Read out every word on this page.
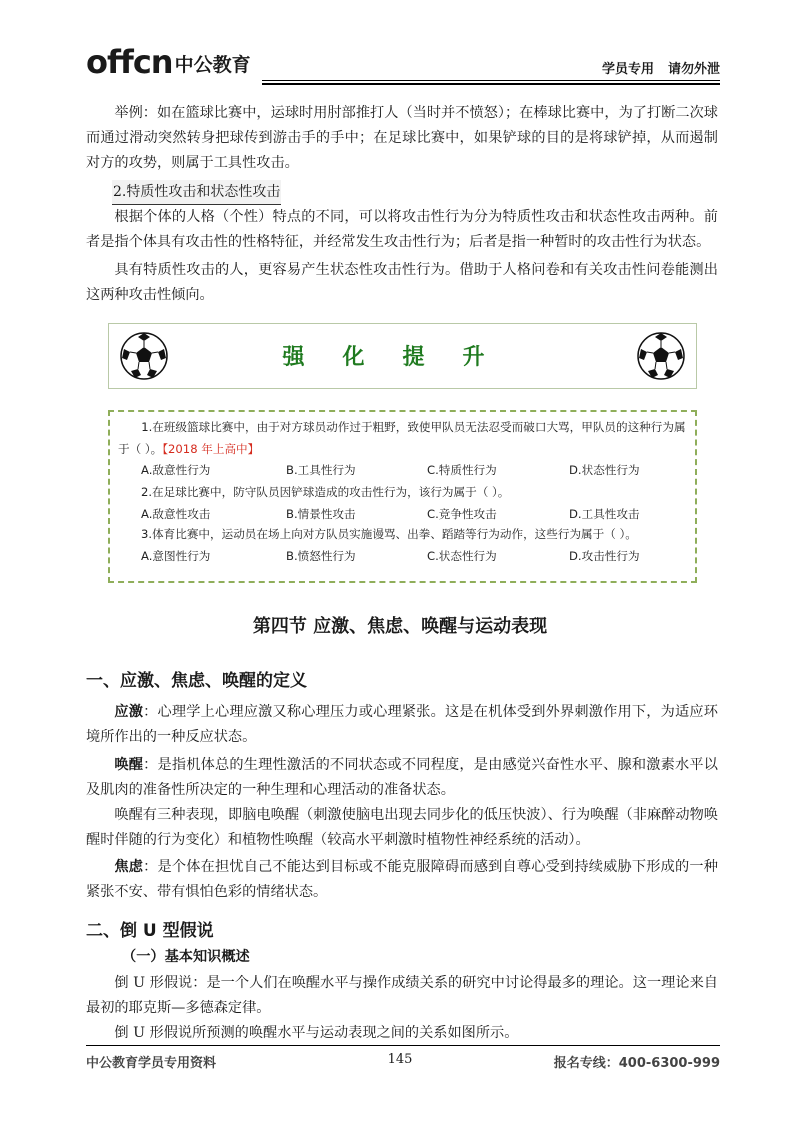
offcn 中公教育	学员专用 请勿外泄

举例：如在篮球比赛中，运球时用肘部推打人（当时并不愤怒）；在棒球比赛中，为了打断二次球而通过滑动突然转身把球传到游击手的手中；在足球比赛中，如果铲球的目的是将球铲掉，从而遏制对方的攻势，则属于工具性攻击。

2.特质性攻击和状态性攻击

根据个体的人格（个性）特点的不同，可以将攻击性行为分为特质性攻击和状态性攻击两种。前者是指个体具有攻击性的性格特征，并经常发生攻击性行为；后者是指一种暂时的攻击性行为状态。

具有特质性攻击的人，更容易产生状态性攻击性行为。借助于人格问卷和有关攻击性问卷能测出这两种攻击性倾向。

强化提升
1.在班级篮球比赛中，由于对方球员动作过于粗野，致使甲队员无法忍受而破口大骂，甲队员的这种行为属于（ ）。【2018 年上高中】
A.敌意性行为	B.工具性行为	C.特质性行为	D.状态性行为
2.在足球比赛中，防守队员因铲球造成的攻击性行为，该行为属于（ ）。
A.敌意性攻击	B.情景性攻击	C.竞争性攻击	D.工具性攻击
3.体育比赛中，运动员在场上向对方队员实施谩骂、出拳、蹈踏等行为动作，这些行为属于（ ）。
A.意图性行为	B.愤怒性行为	C.状态性行为	D.攻击性行为
第四节 应激、焦虑、唤醒与运动表现
一、应激、焦虑、唤醒的定义

应激：心理学上心理应激又称心理压力或心理紧张。这是在机体受到外界刺激作用下，为适应环境所作出的一种反应状态。

唤醒：是指机体总的生理性激活的不同状态或不同程度，是由感觉兴奋性水平、腺和激素水平以及肌肉的准备性所决定的一种生理和心理活动的准备状态。

唤醒有三种表现，即脑电唤醒（刺激使脑电出现去同步化的低压快波）、行为唤醒（非麻醉动物唤醒时伴随的行为变化）和植物性唤醒（较高水平刺激时植物性神经系统的活动）。

焦虑：是个体在担忧自己不能达到目标或不能克服障碍而感到自尊心受到持续威胁下形成的一种紧张不安、带有惧怕色彩的情绪状态。

二、倒 U 型假说
（一）基本知识概述

倒 U 形假说：是一个人们在唤醒水平与操作成绩关系的研究中讨论得最多的理论。这一理论来自最初的耶克斯—多德森定律。

倒 U 形假说所预测的唤醒水平与运动表现之间的关系如图所示。

中公教育学员专用资料	145	报名专线：400-6300-999
